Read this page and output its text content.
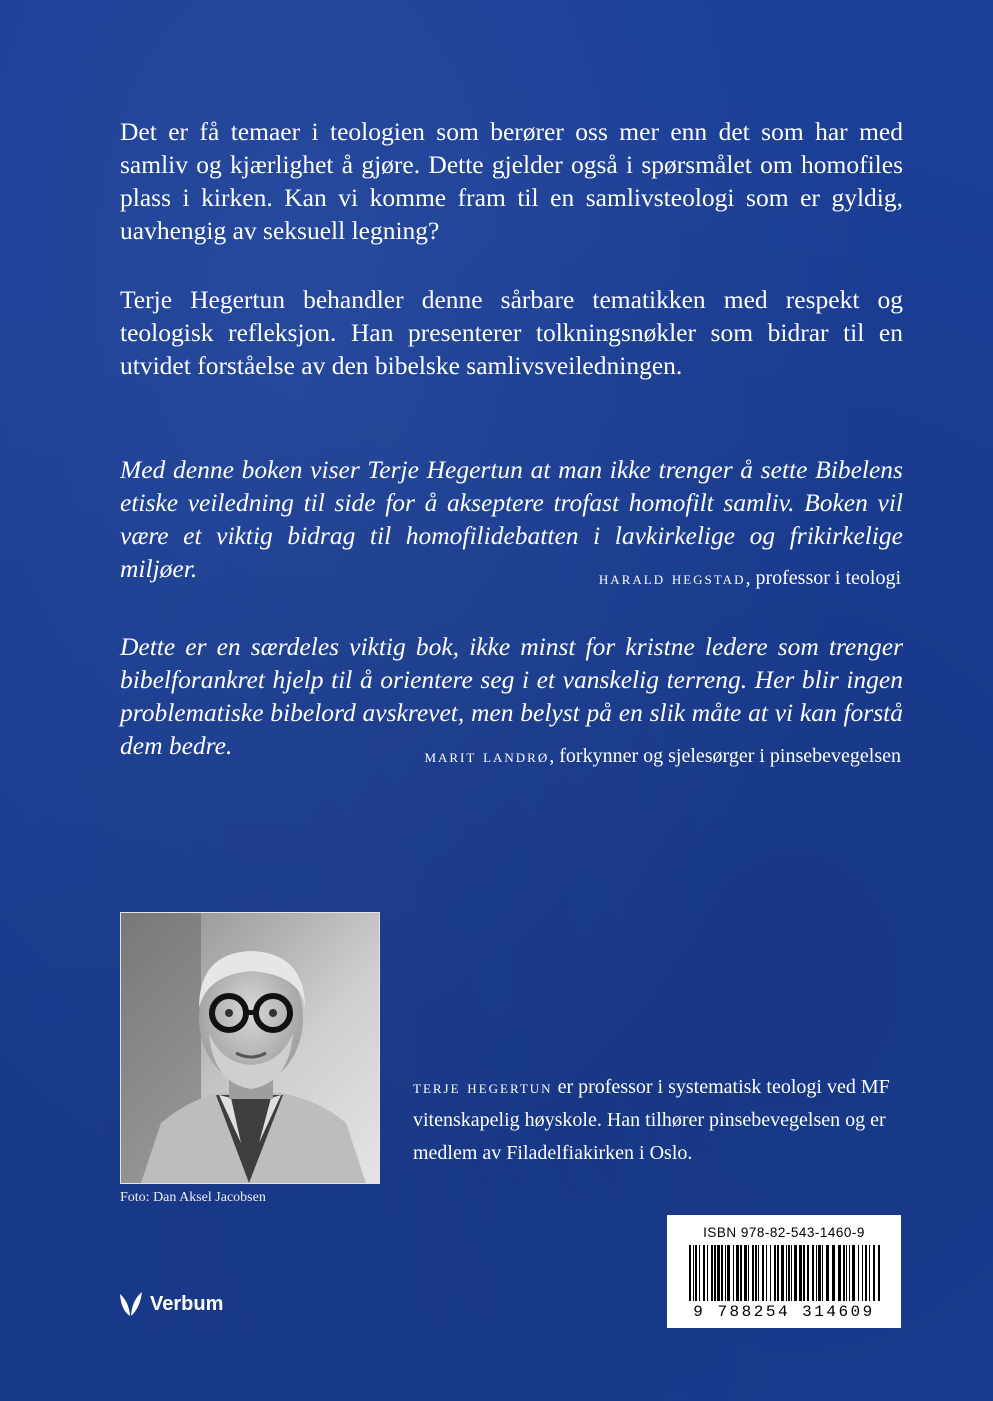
Det er få temaer i teologien som berører oss mer enn det som har med samliv og kjærlighet å gjøre. Dette gjelder også i spørsmålet om homofiles plass i kirken. Kan vi komme fram til en samlivsteologi som er gyldig, uavhengig av seksuell legning?

Terje Hegertun behandler denne sårbare tematikken med respekt og teologisk refleksjon. Han presenterer tolkningsnøkler som bidrar til en utvidet forståelse av den bibelske samlivsveiledningen.

Med denne boken viser Terje Hegertun at man ikke trenger å sette Bibelens etiske veiledning til side for å akseptere trofast homofilt samliv. Boken vil være et viktig bidrag til homofilidebatten i lavkirkelige og frikirkelige miljøer.	harald hegstad, professor i teologi

Dette er en særdeles viktig bok, ikke minst for kristne ledere som trenger bibelforankret hjelp til å orientere seg i et vanskelig terreng. Her blir ingen problematiske bibelord avskrevet, men belyst på en slik måte at vi kan forstå dem bedre.	marit landrø, forkynner og sjelesørger i pinsebevegelsen
Foto: Dan Aksel Jacobsen

terje hegertun er professor i systematisk teologi ved MF vitenskapelig høyskole. Han tilhører pinsebevegelsen og er medlem av Filadelfiakirken i Oslo.

Verbum
ISBN 978-82-543-1460-9
9 788254 314609
